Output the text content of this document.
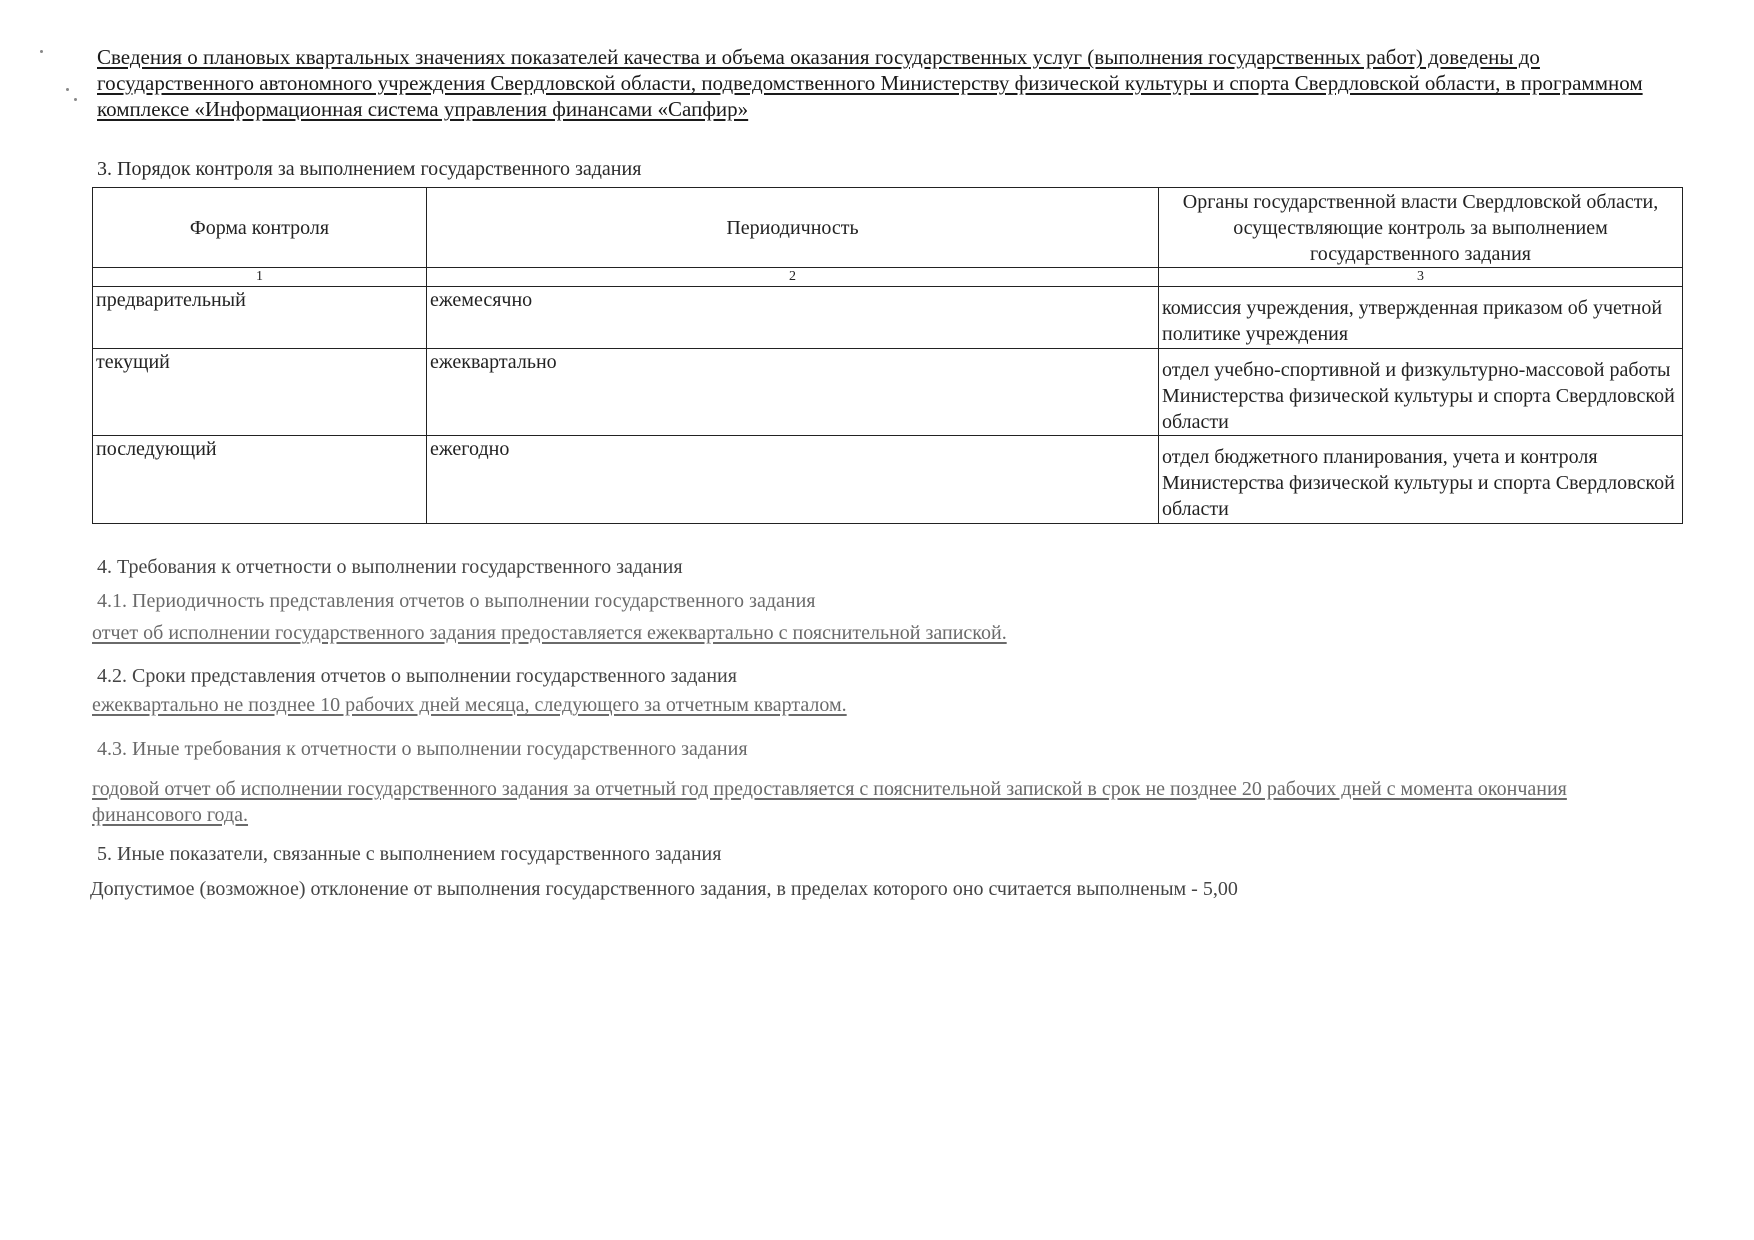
Сведения о плановых квартальных значениях показателей качества и объема оказания государственных услуг (выполнения государственных работ) доведены до государственного автономного учреждения Свердловской области, подведомственного Министерству физической культуры и спорта Свердловской области, в программном комплексе «Информационная система управления финансами «Сапфир»
3. Порядок контроля за выполнением государственного задания
Форма контроля	Периодичность	Органы государственной власти Свердловской области, осуществляющие контроль за выполнением государственного задания
1	2	3
предварительный	ежемесячно	комиссия учреждения, утвержденная приказом об учетной политике учреждения
текущий	ежеквартально	отдел учебно-спортивной и физкультурно-массовой работы Министерства физической культуры и спорта Свердловской области
последующий	ежегодно	отдел бюджетного планирования, учета и контроля Министерства физической культуры и спорта Свердловской области
4. Требования к отчетности о выполнении государственного задания
4.1. Периодичность представления отчетов о выполнении государственного задания
отчет об исполнении государственного задания предоставляется ежеквартально с пояснительной запиской.
4.2. Сроки представления отчетов о выполнении государственного задания
ежеквартально не позднее 10 рабочих дней месяца, следующего за отчетным кварталом.
4.3. Иные требования к отчетности о выполнении государственного задания
годовой отчет об исполнении государственного задания за отчетный год предоставляется с пояснительной запиской в срок не позднее 20 рабочих дней с момента окончания финансового года.
5. Иные показатели, связанные с выполнением государственного задания
Допустимое (возможное) отклонение от выполнения государственного задания, в пределах которого оно считается выполненым - 5,00
